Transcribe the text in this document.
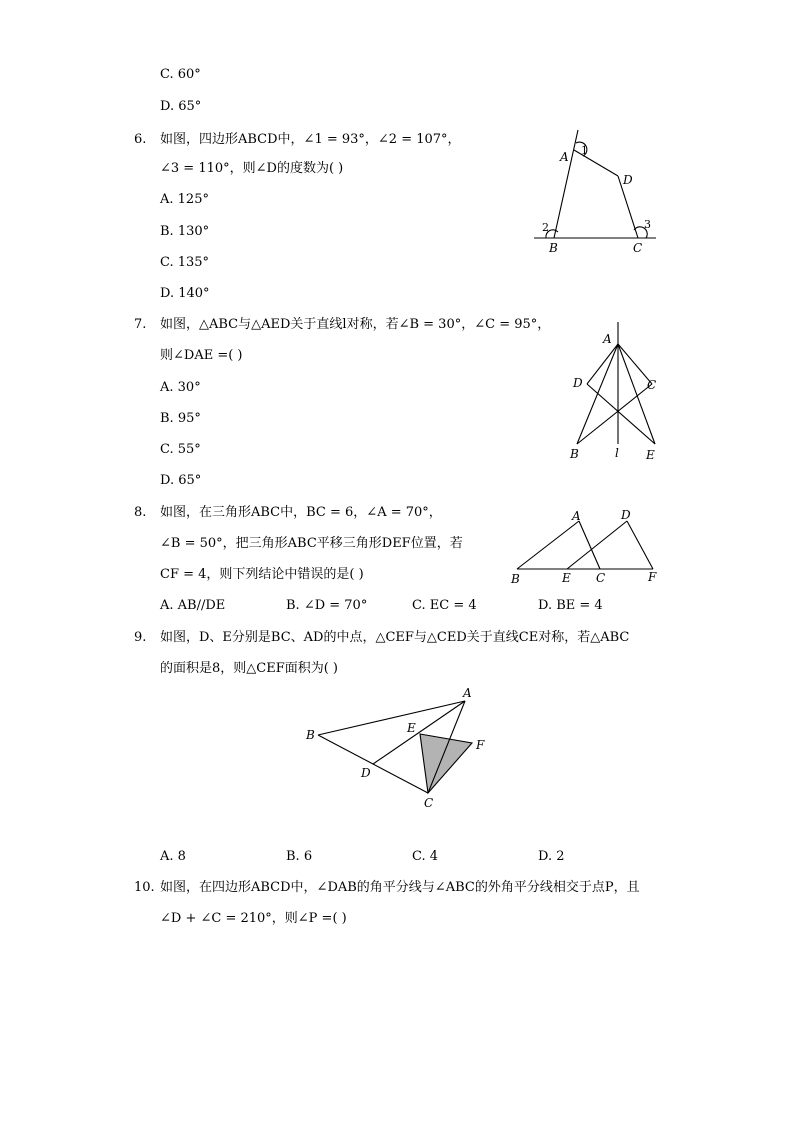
C. 60°
D. 65°
6. 如图，四边形ABCD中，∠1 = 93°，∠2 = 107°，
∠3 = 110°，则∠D的度数为( )
A. 125°
B. 130°
C. 135°
D. 140°
A 1
D
2	3
B	C
7. 如图，△ABC与△AED关于直线l对称，若∠B = 30°，∠C = 95°，
则∠DAE =( )
A. 30°
B. 95°
C. 55°
D. 65°
A
D	C
B	l E
8. 如图，在三角形ABC中，BC = 6，∠A = 70°，
∠B = 50°，把三角形ABC平移三角形DEF位置，若
CF = 4，则下列结论中错误的是( )
A. AB//DE	B. ∠D = 70°	C. EC = 4	D. BE = 4
A	D
B	E C	F
9. 如图，D、E分别是BC、AD的中点，△CEF与△CED关于直线CE对称，若△ABC
的面积是8，则△CEF面积为( )
A
B	E
F
D
C
A. 8	B. 6	C. 4	D. 2
10. 如图，在四边形ABCD中，∠DAB的角平分线与∠ABC的外角平分线相交于点P，且
∠D + ∠C = 210°，则∠P =( )
